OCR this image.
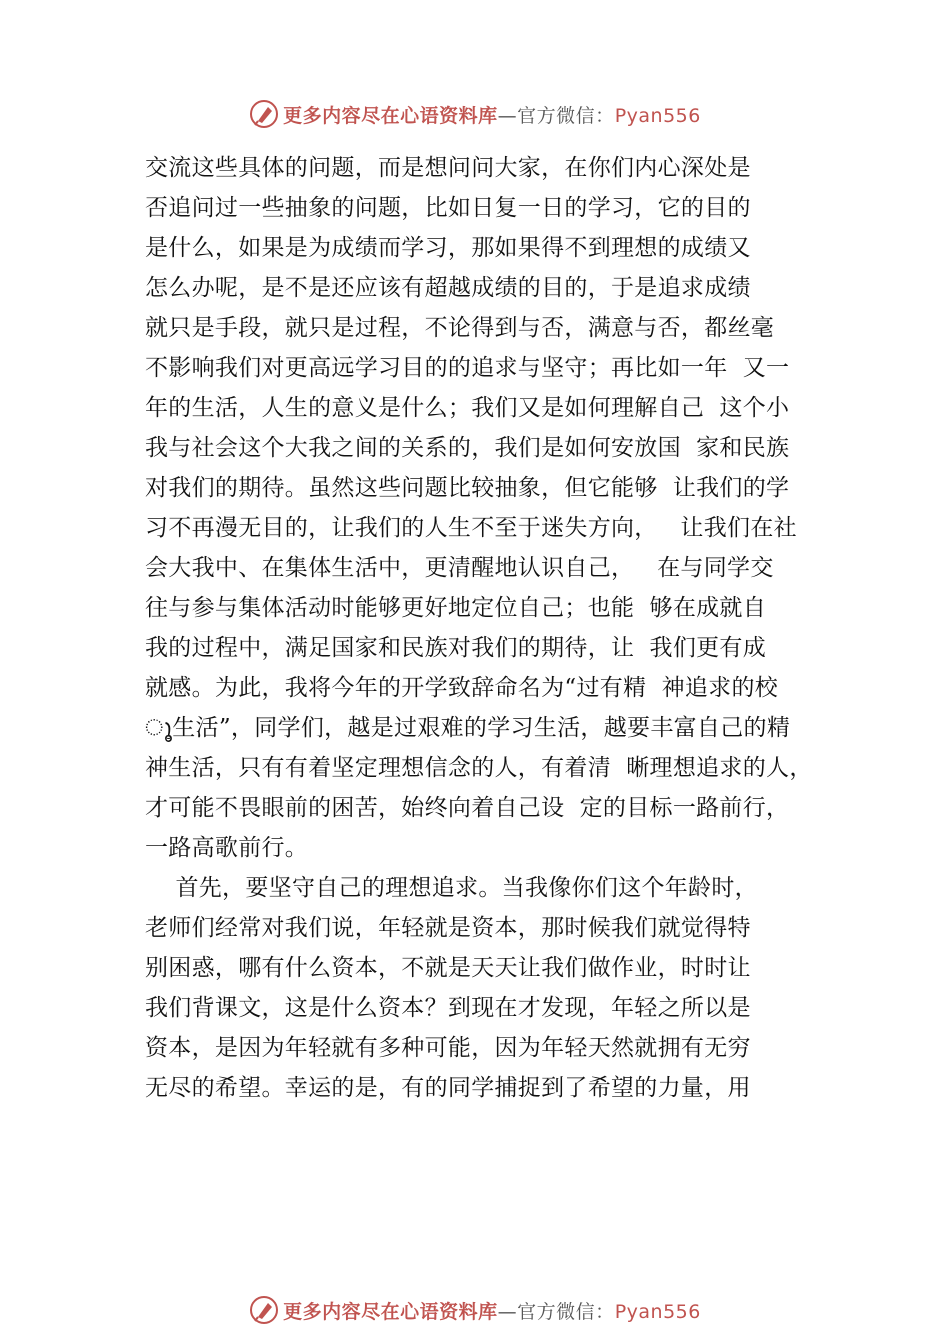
更多内容尽在心语资料库—官方微信：Pyan556
交流这些具体的问题，而是想问问大家，在你们内心深处是
否追问过一些抽象的问题，比如日复一日的学习，它的目的
是什么，如果是为成绩而学习，那如果得不到理想的成绩又
怎么办呢，是不是还应该有超越成绩的目的，于是追求成绩
就只是手段，就只是过程，不论得到与否，满意与否，都丝毫
不影响我们对更高远学习目的的追求与坚守；再比如一年  又一
年的生活，人生的意义是什么；我们又是如何理解自己  这个小
我与社会这个大我之间的关系的，我们是如何安放国  家和民族
对我们的期待。虽然这些问题比较抽象，但它能够  让我们的学
习不再漫无目的，让我们的人生不至于迷失方向，   让我们在社
会大我中、在集体生活中，更清醒地认识自己，   在与同学交
往与参与集体活动时能够更好地定位自己；也能  够在成就自
我的过程中，满足国家和民族对我们的期待，让  我们更有成
就感。为此，我将今年的开学致辞命名为“过有精  神追求的校
ൂ生活”，同学们，越是过艰难的学习生活，越要丰富自己的精
神生活，只有有着坚定理想信念的人，有着清  晰理想追求的人，
才可能不畏眼前的困苦，始终向着自己设  定的目标一路前行，
一路高歌前行。
首先，要坚守自己的理想追求。当我像你们这个年龄时，
老师们经常对我们说，年轻就是资本，那时候我们就觉得特
别困惑，哪有什么资本，不就是天天让我们做作业，时时让
我们背课文，这是什么资本？到现在才发现，年轻之所以是
资本，是因为年轻就有多种可能，因为年轻天然就拥有无穷
无尽的希望。幸运的是，有的同学捕捉到了希望的力量，用
更多内容尽在心语资料库—官方微信：Pyan556
